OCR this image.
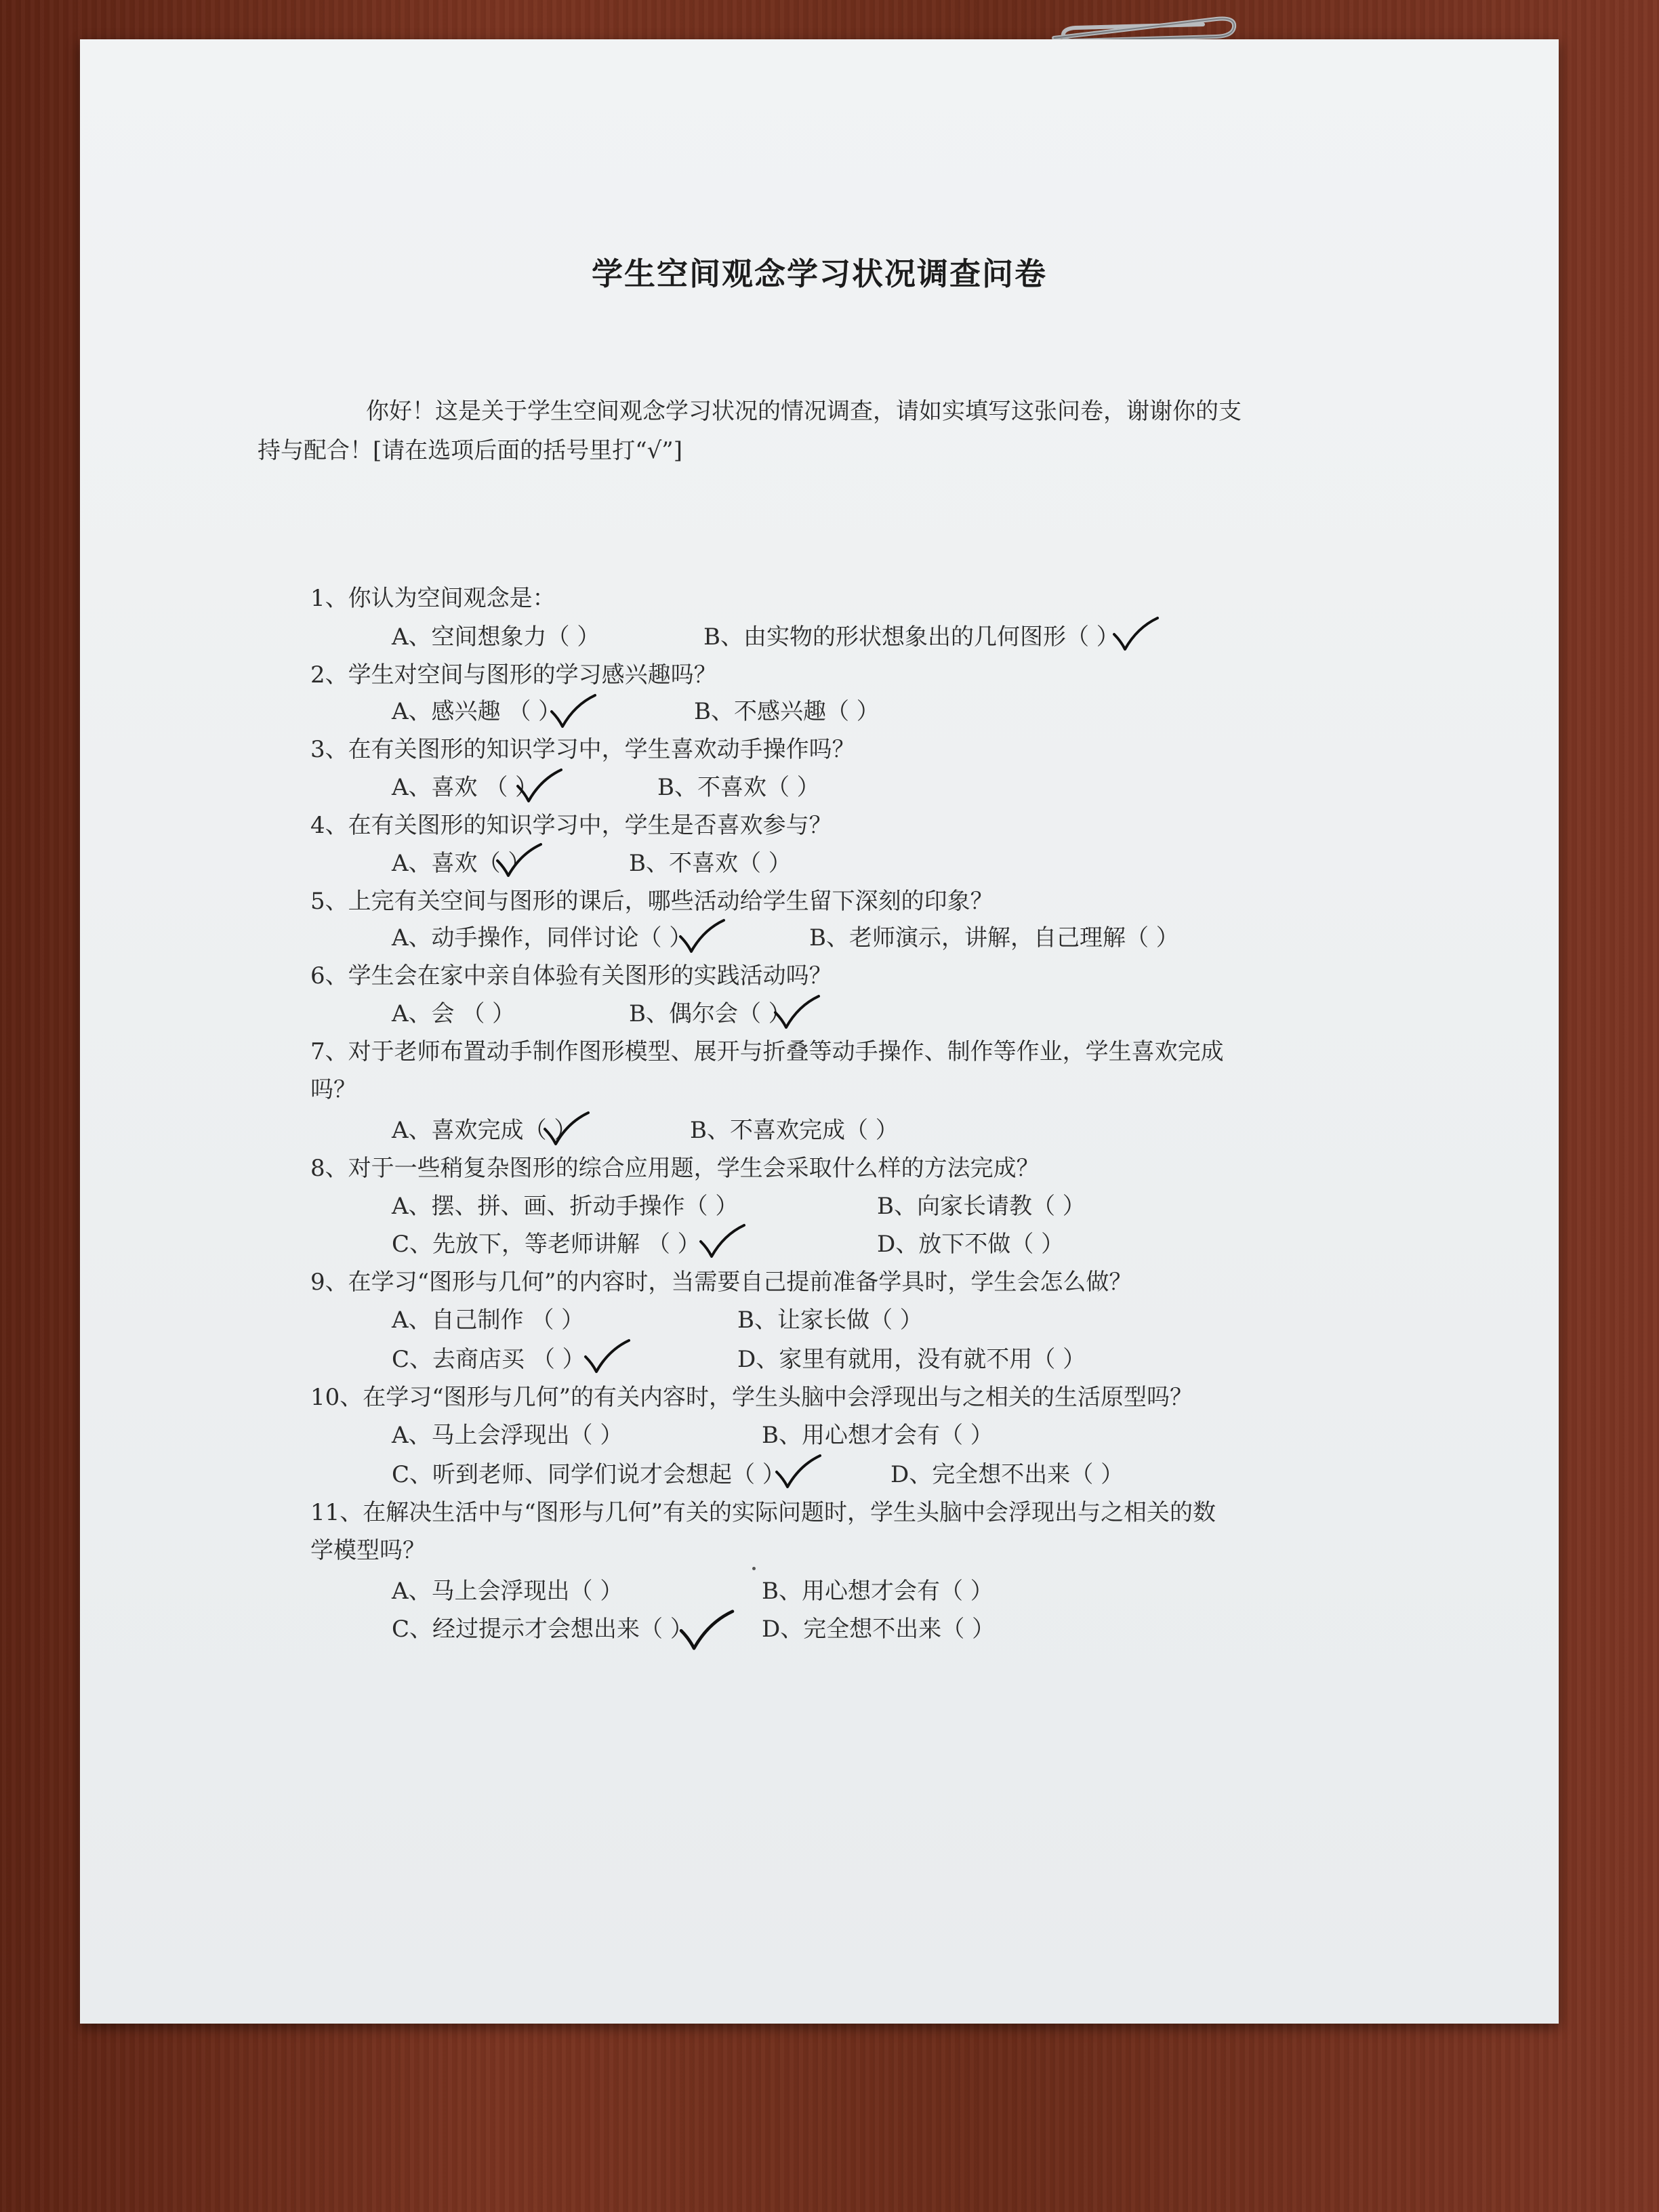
学生空间观念学习状况调查问卷
你好！这是关于学生空间观念学习状况的情况调查，请如实填写这张问卷，谢谢你的支
持与配合！[请在选项后面的括号里打“√”]
1、你认为空间观念是：
A、空间想象力（ ）	B、由实物的形状想象出的几何图形（ ）
2、学生对空间与图形的学习感兴趣吗？
A、感兴趣 （ ）	B、不感兴趣（ ）
3、在有关图形的知识学习中，学生喜欢动手操作吗？
A、喜欢 （ ）	B、不喜欢（ ）
4、在有关图形的知识学习中，学生是否喜欢参与？
A、喜欢（ ）	B、不喜欢（ ）
5、上完有关空间与图形的课后，哪些活动给学生留下深刻的印象？
A、动手操作，同伴讨论（ ）	B、老师演示，讲解，自己理解（ ）
6、学生会在家中亲自体验有关图形的实践活动吗？
A、会 （ ）	B、偶尔会（ ）
7、对于老师布置动手制作图形模型、展开与折叠等动手操作、制作等作业，学生喜欢完成
吗？
A、喜欢完成（ ）	B、不喜欢完成（ ）
8、对于一些稍复杂图形的综合应用题，学生会采取什么样的方法完成？
A、摆、拼、画、折动手操作（ ）	B、向家长请教（ ）
C、先放下，等老师讲解 （ ）	D、放下不做（ ）
9、在学习“图形与几何”的内容时，当需要自己提前准备学具时，学生会怎么做？
A、自己制作 （ ）	B、让家长做（ ）
C、去商店买 （ ）	D、家里有就用，没有就不用（ ）
10、在学习“图形与几何”的有关内容时，学生头脑中会浮现出与之相关的生活原型吗？
A、马上会浮现出（ ）	B、用心想才会有（ ）
C、听到老师、同学们说才会想起（ ）	D、完全想不出来（ ）
11、在解决生活中与“图形与几何”有关的实际问题时，学生头脑中会浮现出与之相关的数
学模型吗？
A、马上会浮现出（ ）	B、用心想才会有（ ）
C、经过提示才会想出来（ ）	D、完全想不出来（ ）
